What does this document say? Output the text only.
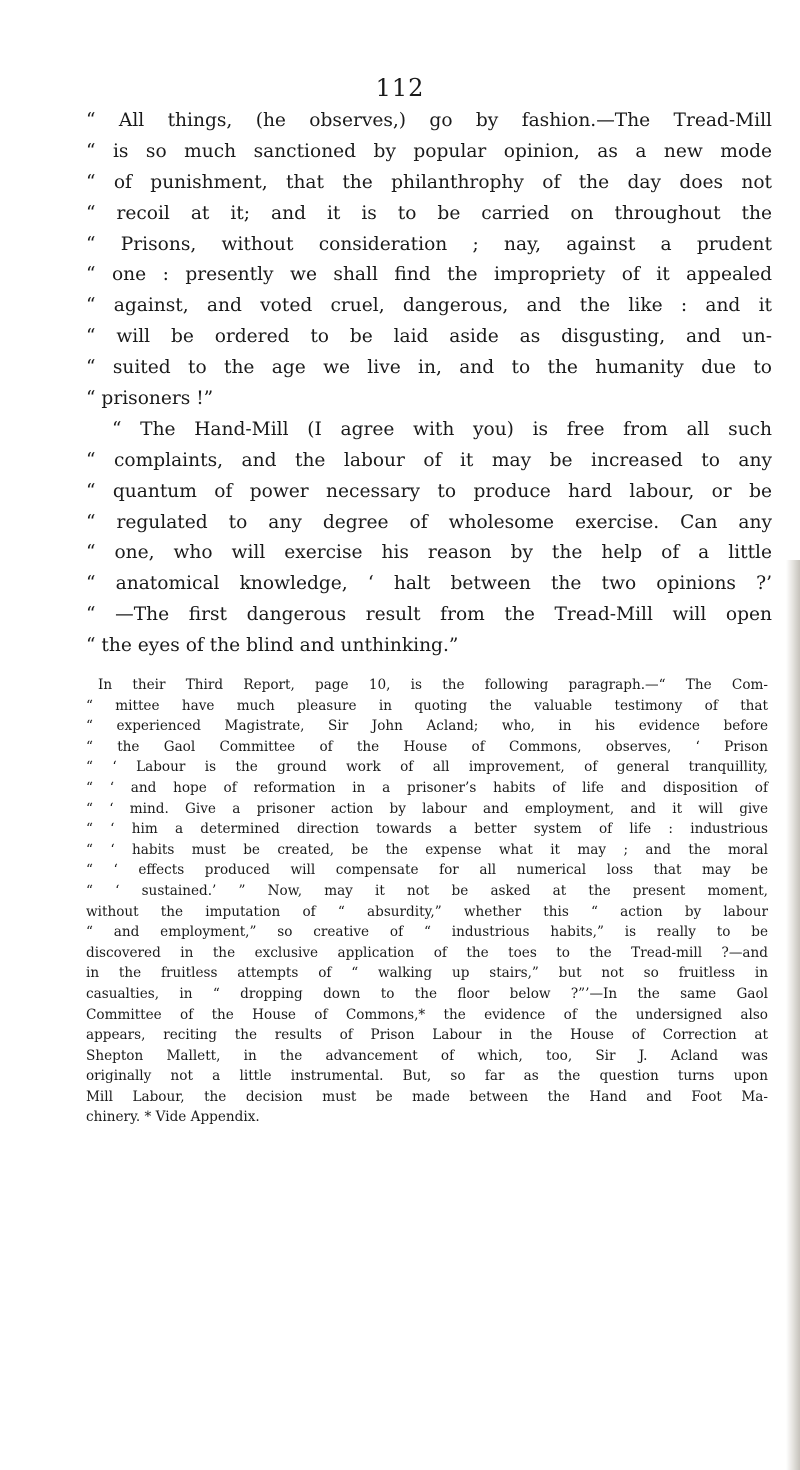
112
“ All things, (he observes,) go by fashion.—The Tread-Mill
“ is so much sanctioned by popular opinion, as a new mode
“ of punishment, that the philanthrophy of the day does not
“ recoil at it; and it is to be carried on throughout the
“ Prisons, without consideration ; nay, against a prudent
“ one : presently we shall find the impropriety of it appealed
“ against, and voted cruel, dangerous, and the like : and it
“ will be ordered to be laid aside as disgusting, and un-
“ suited to the age we live in, and to the humanity due to
“ prisoners !”
“ The Hand-Mill (I agree with you) is free from all such
“ complaints, and the labour of it may be increased to any
“ quantum of power necessary to produce hard labour, or be
“ regulated to any degree of wholesome exercise. Can any
“ one, who will exercise his reason by the help of a little
“ anatomical knowledge, ‘ halt between the two opinions ?’
“ —The first dangerous result from the Tread-Mill will open
“ the eyes of the blind and unthinking.”
In their Third Report, page 10, is the following paragraph.—“ The Com-
“ mittee have much pleasure in quoting the valuable testimony of that
“ experienced Magistrate, Sir John Acland; who, in his evidence before
“ the Gaol Committee of the House of Commons, observes, ‘ Prison
“ ‘ Labour is the ground work of all improvement, of general tranquillity,
“ ‘ and hope of reformation in a prisoner’s habits of life and disposition of
“ ‘ mind. Give a prisoner action by labour and employment, and it will give
“ ‘ him a determined direction towards a better system of life : industrious
“ ‘ habits must be created, be the expense what it may ; and the moral
“ ‘ effects produced will compensate for all numerical loss that may be
“ ‘ sustained.’ ” Now, may it not be asked at the present moment,
without the imputation of “ absurdity,” whether this “ action by labour
“ and employment,” so creative of “ industrious habits,” is really to be
discovered in the exclusive application of the toes to the Tread-mill ?—and
in the fruitless attempts of “ walking up stairs,” but not so fruitless in
casualties, in “ dropping down to the floor below ?”’—In the same Gaol
Committee of the House of Commons,* the evidence of the undersigned also
appears, reciting the results of Prison Labour in the House of Correction at
Shepton Mallett, in the advancement of which, too, Sir J. Acland was
originally not a little instrumental. But, so far as the question turns upon
Mill Labour, the decision must be made between the Hand and Foot Ma-
chinery. * Vide Appendix.
